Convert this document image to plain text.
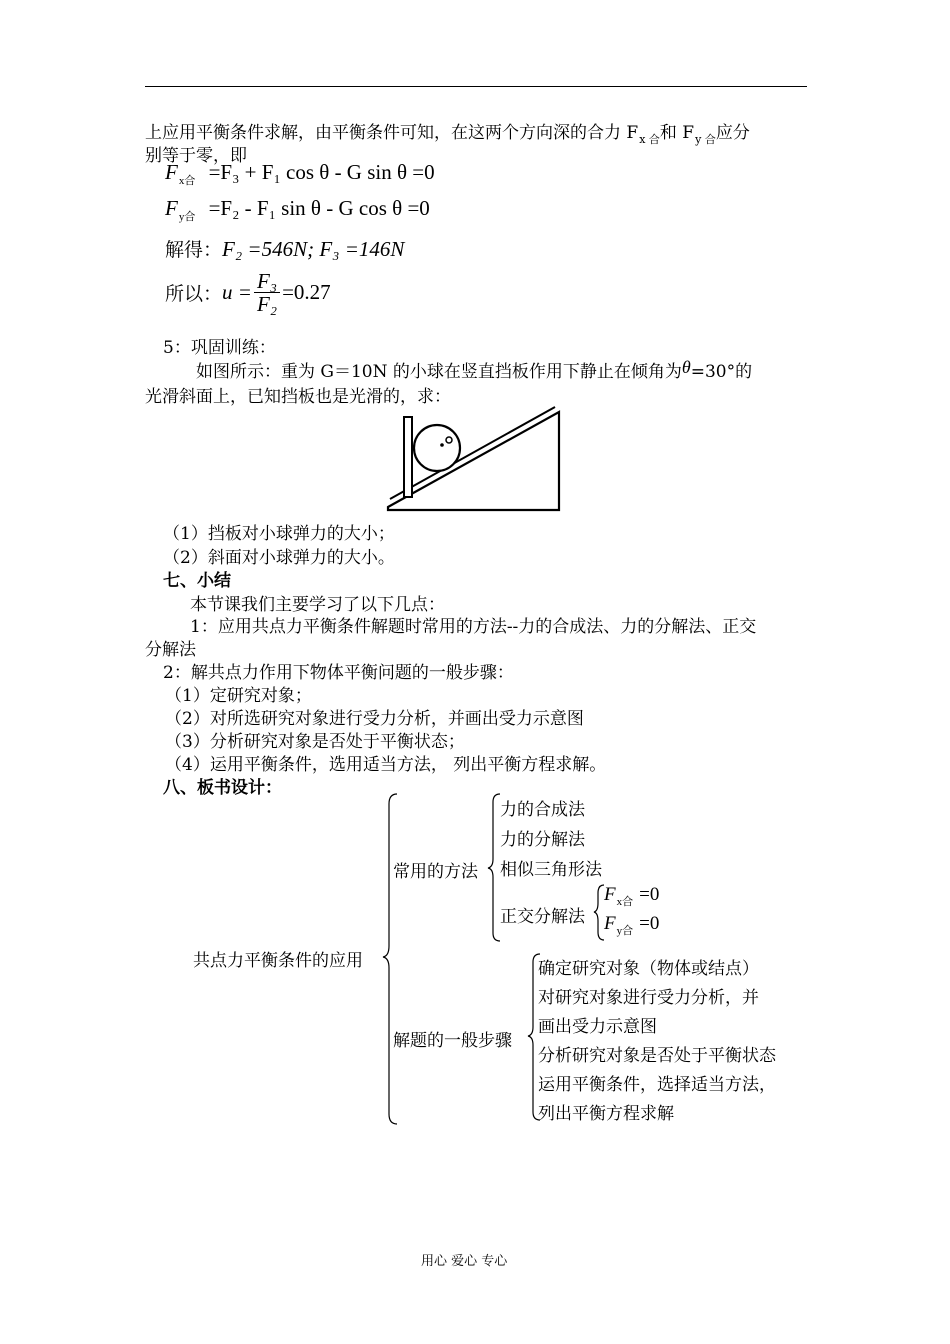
上应用平衡条件求解，由平衡条件可知，在这两个方向深的合力 $F_{x 合}$和 $F_{y 合}$应分
别等于零，即
$F_{x合} =F_3 + F_1$ cos θ - G sin θ =0
$F_{y合} =F_2 - F_1$ sin θ - G cos θ =0
解得：F₂ =546N; F₃ =146N
所以：$u = \frac{\text{F₃}}{\text{F₂}} =0.27$
5：巩固训练：
如图所示：重为 G＝10N 的小球在竖直挡板作用下静止在倾角为θ=30°的
光滑斜面上，已知挡板也是光滑的，求：
（1）挡板对小球弹力的大小；
（2）斜面对小球弹力的大小。
七、小结
本节课我们主要学习了以下几点：
1：应用共点力平衡条件解题时常用的方法--力的合成法、力的分解法、正交
分解法
2：解共点力作用下物体平衡问题的一般步骤：
（1）定研究对象；
（2）对所选研究对象进行受力分析，并画出受力示意图
（3）分析研究对象是否处于平衡状态；
（4）运用平衡条件，选用适当方法， 列出平衡方程求解。
八、板书设计：
共点力平衡条件的应用
常用的方法
力的合成法
力的分解法
相似三角形法
正交分解法
$F_{x合} =0$
$F_{y合} =0$
解题的一般步骤
确定研究对象（物体或结点）
对研究对象进行受力分析，并
画出受力示意图
分析研究对象是否处于平衡状态
运用平衡条件，选择适当方法，
列出平衡方程求解
用心 爱心 专心
